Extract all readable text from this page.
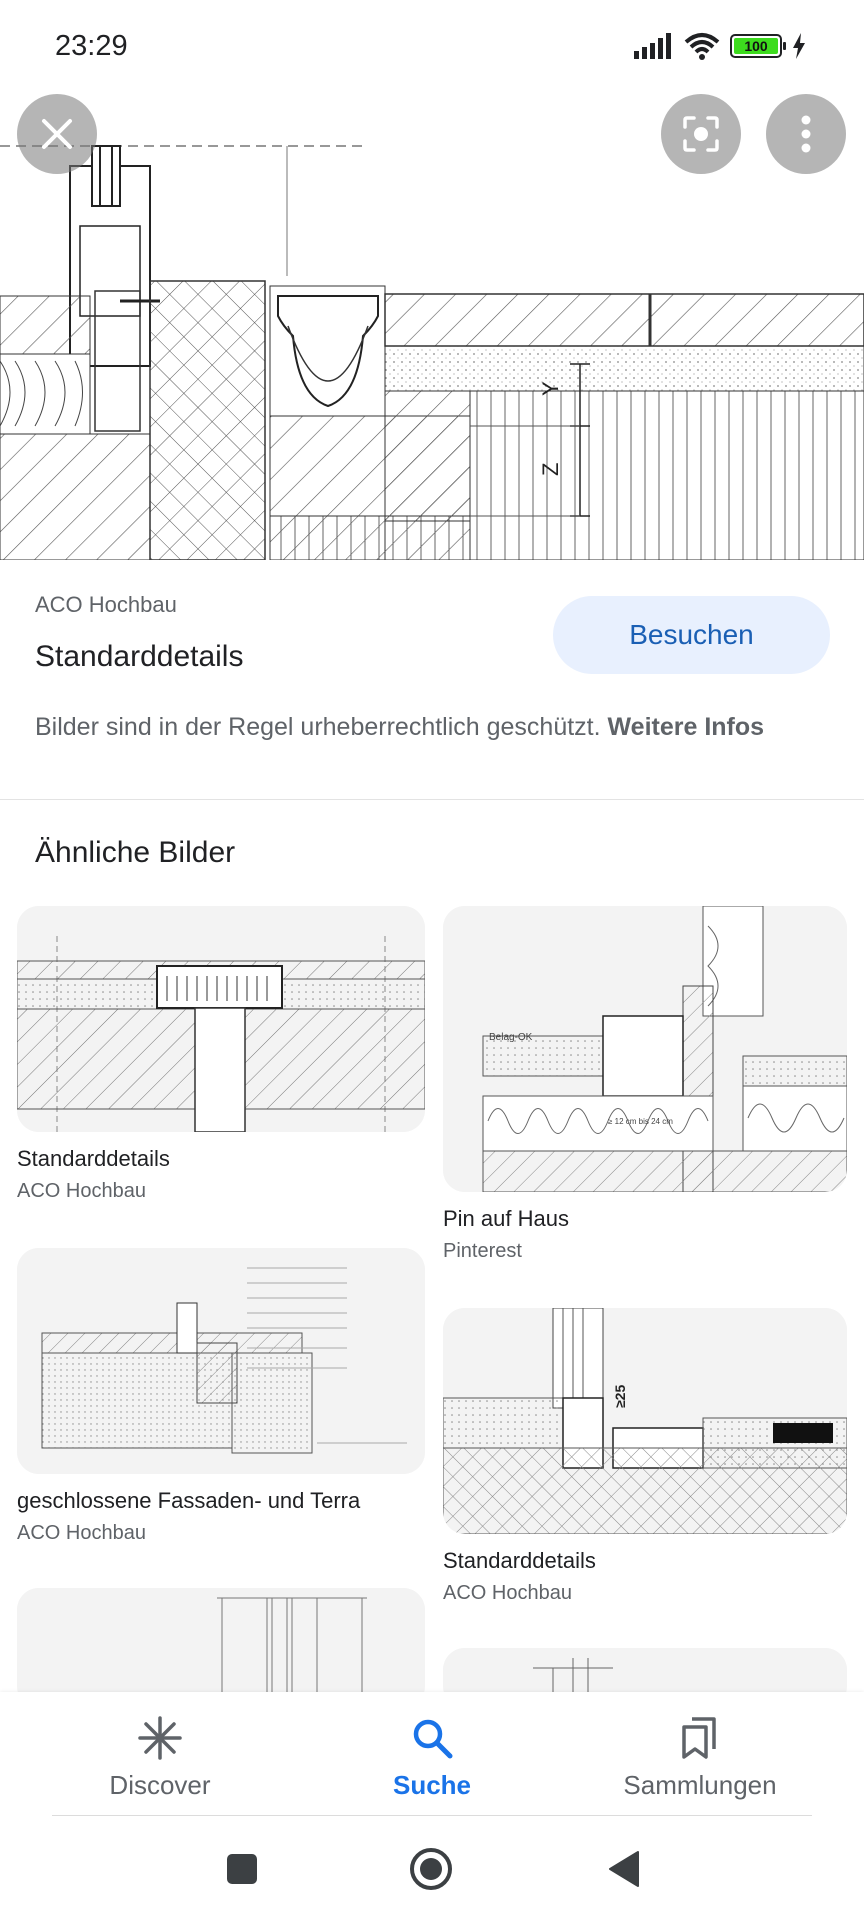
23:29	100
Y
Z
ACO Hochbau
Standarddetails
Besuchen
Bilder sind in der Regel urheberrechtlich geschützt. Weitere Infos
Ähnliche Bilder
Standarddetails
ACO Hochbau
Belag-OK
≥ 12 cm bis 24 cm
Pin auf Haus
Pinterest
geschlossene Fassaden- und Terra
ACO Hochbau
≥25
Standarddetails
ACO Hochbau
Discover	Suche	Sammlungen
